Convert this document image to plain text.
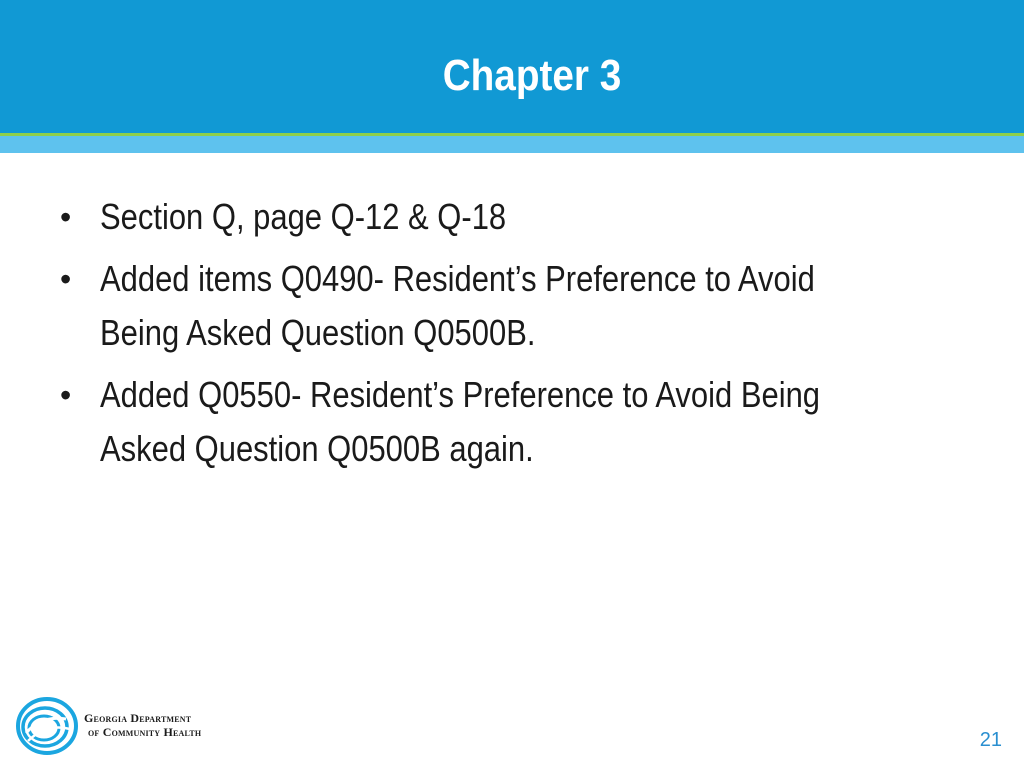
Chapter 3
• Section Q, page Q-12 & Q-18
• Added items Q0490- Resident’s Preference to Avoid Being Asked Question Q0500B.
• Added Q0550- Resident’s Preference to Avoid Being Asked Question Q0500B again.
Georgia Department
of Community Health	21
